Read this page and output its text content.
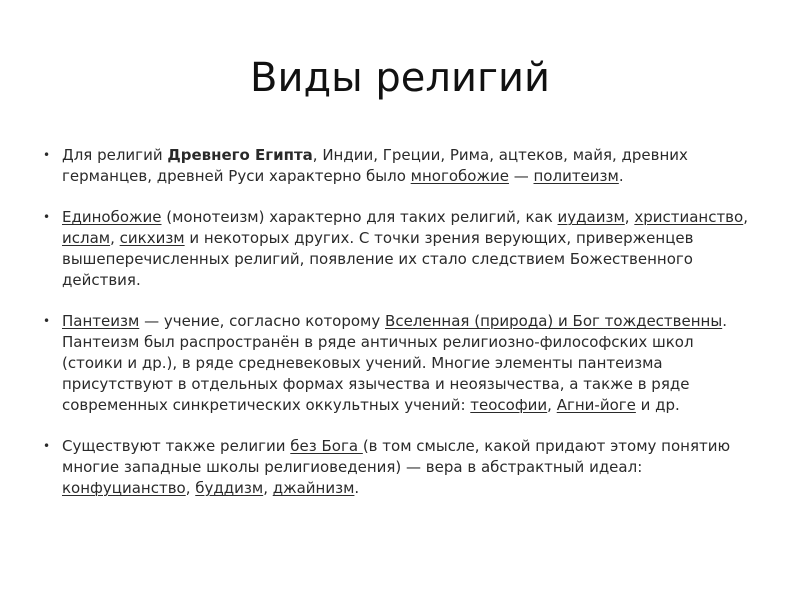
Виды религий
• Для религий Древнего Египта, Индии, Греции, Рима, ацтеков, майя, древних германцев, древней Руси характерно было многобожие — политеизм.
• Единобожие (монотеизм) характерно для таких религий, как иудаизм, христианство, ислам, сикхизм и некоторых других. С точки зрения верующих, приверженцев вышеперечисленных религий, появление их стало следствием Божественного действия.
• Пантеизм — учение, согласно которому Вселенная (природа) и Бог тождественны. Пантеизм был распространён в ряде античных религиозно-философских школ (стоики и др.), в ряде средневековых учений. Многие элементы пантеизма присутствуют в отдельных формах язычества и неоязычества, а также в ряде современных синкретических оккультных учений: теософии, Агни-йоге и др.
• Существуют также религии без Бога (в том смысле, какой придают этому понятию многие западные школы религиоведения) — вера в абстрактный идеал: конфуцианство, буддизм, джайнизм.
